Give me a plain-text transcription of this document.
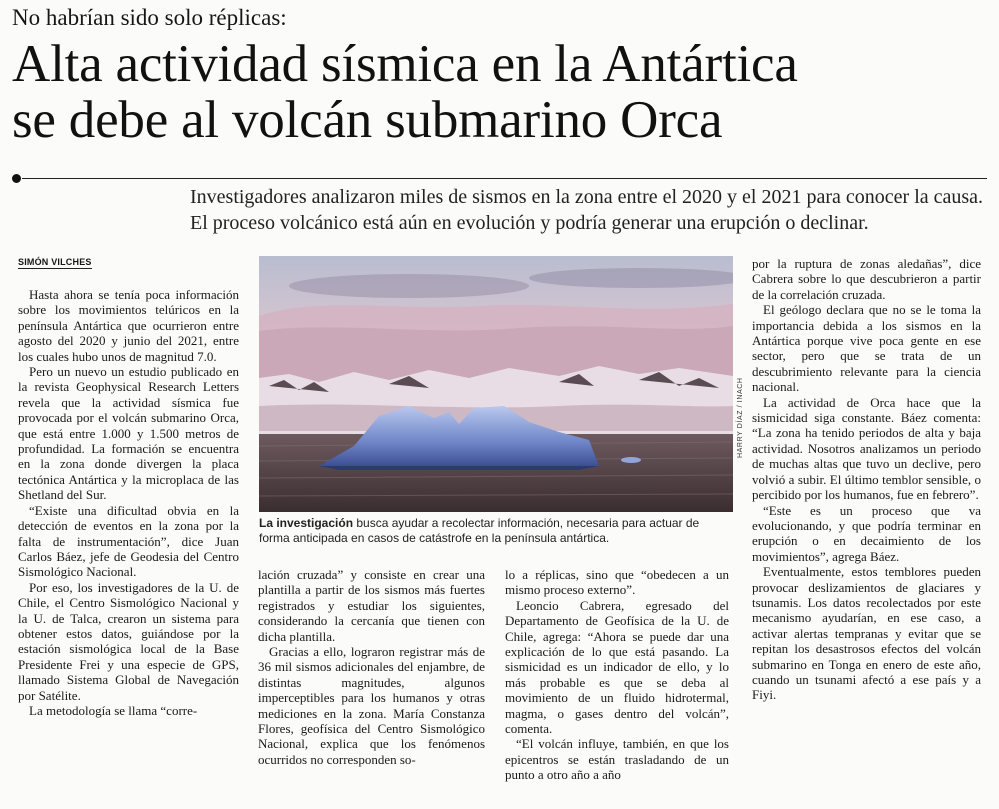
No habrían sido solo réplicas:
Alta actividad sísmica en la Antártica
se debe al volcán submarino Orca
Investigadores analizaron miles de sismos en la zona entre el 2020 y el 2021 para conocer la causa. El proceso volcánico está aún en evolución y podría generar una erupción o declinar.
SIMÓN VILCHES

Hasta ahora se tenía poca información sobre los movimientos telúricos en la península Antártica que ocurrieron entre agosto del 2020 y junio del 2021, entre los cuales hubo unos de magnitud 7.0.

Pero un nuevo un estudio publicado en la revista Geophysical Research Letters revela que la actividad sísmica fue provocada por el volcán submarino Orca, que está entre 1.000 y 1.500 metros de profundidad. La formación se encuentra en la zona donde divergen la placa tectónica Antártica y la microplaca de las Shetland del Sur.

“Existe una dificultad obvia en la detección de eventos en la zona por la falta de instrumentación”, dice Juan Carlos Báez, jefe de Geodesia del Centro Sismológico Nacional.

Por eso, los investigadores de la U. de Chile, el Centro Sismológico Nacional y la U. de Talca, crearon un sistema para obtener estos datos, guiándose por la estación sismológica local de la Base Presidente Frei y una especie de GPS, llamado Sistema Global de Navegación por Satélite.

La metodología se llama “corre-

HARRY DÍAZ / INACH
La investigación busca ayudar a recolectar información, necesaria para actuar de forma anticipada en casos de catástrofe en la península antártica.

lación cruzada” y consiste en crear una plantilla a partir de los sismos más fuertes registrados y estudiar los siguientes, considerando la cercanía que tienen con dicha plantilla.

Gracias a ello, lograron registrar más de 36 mil sismos adicionales del enjambre, de distintas magnitudes, algunos imperceptibles para los humanos y otras mediciones en la zona. María Constanza Flores, geofísica del Centro Sismológico Nacional, explica que los fenómenos ocurridos no corresponden so-

lo a réplicas, sino que “obedecen a un mismo proceso externo”.

Leoncio Cabrera, egresado del Departamento de Geofísica de la U. de Chile, agrega: “Ahora se puede dar una explicación de lo que está pasando. La sismicidad es un indicador de ello, y lo más probable es que se deba al movimiento de un fluido hidrotermal, magma, o gases dentro del volcán”, comenta.

“El volcán influye, también, en que los epicentros se están trasladando de un punto a otro año a año

por la ruptura de zonas aledañas”, dice Cabrera sobre lo que descubrieron a partir de la correlación cruzada.

El geólogo declara que no se le toma la importancia debida a los sismos en la Antártica porque vive poca gente en ese sector, pero que se trata de un descubrimiento relevante para la ciencia nacional.

La actividad de Orca hace que la sismicidad siga constante. Báez comenta: “La zona ha tenido periodos de alta y baja actividad. Nosotros analizamos un periodo de muchas altas que tuvo un declive, pero volvió a subir. El último temblor sensible, o percibido por los humanos, fue en febrero”.

“Este es un proceso que va evolucionando, y que podría terminar en erupción o en decaimiento de los movimientos”, agrega Báez.

Eventualmente, estos temblores pueden provocar deslizamientos de glaciares y tsunamis. Los datos recolectados por este mecanismo ayudarían, en ese caso, a activar alertas tempranas y evitar que se repitan los desastrosos efectos del volcán submarino en Tonga en enero de este año, cuando un tsunami afectó a ese país y a Fiyi.
